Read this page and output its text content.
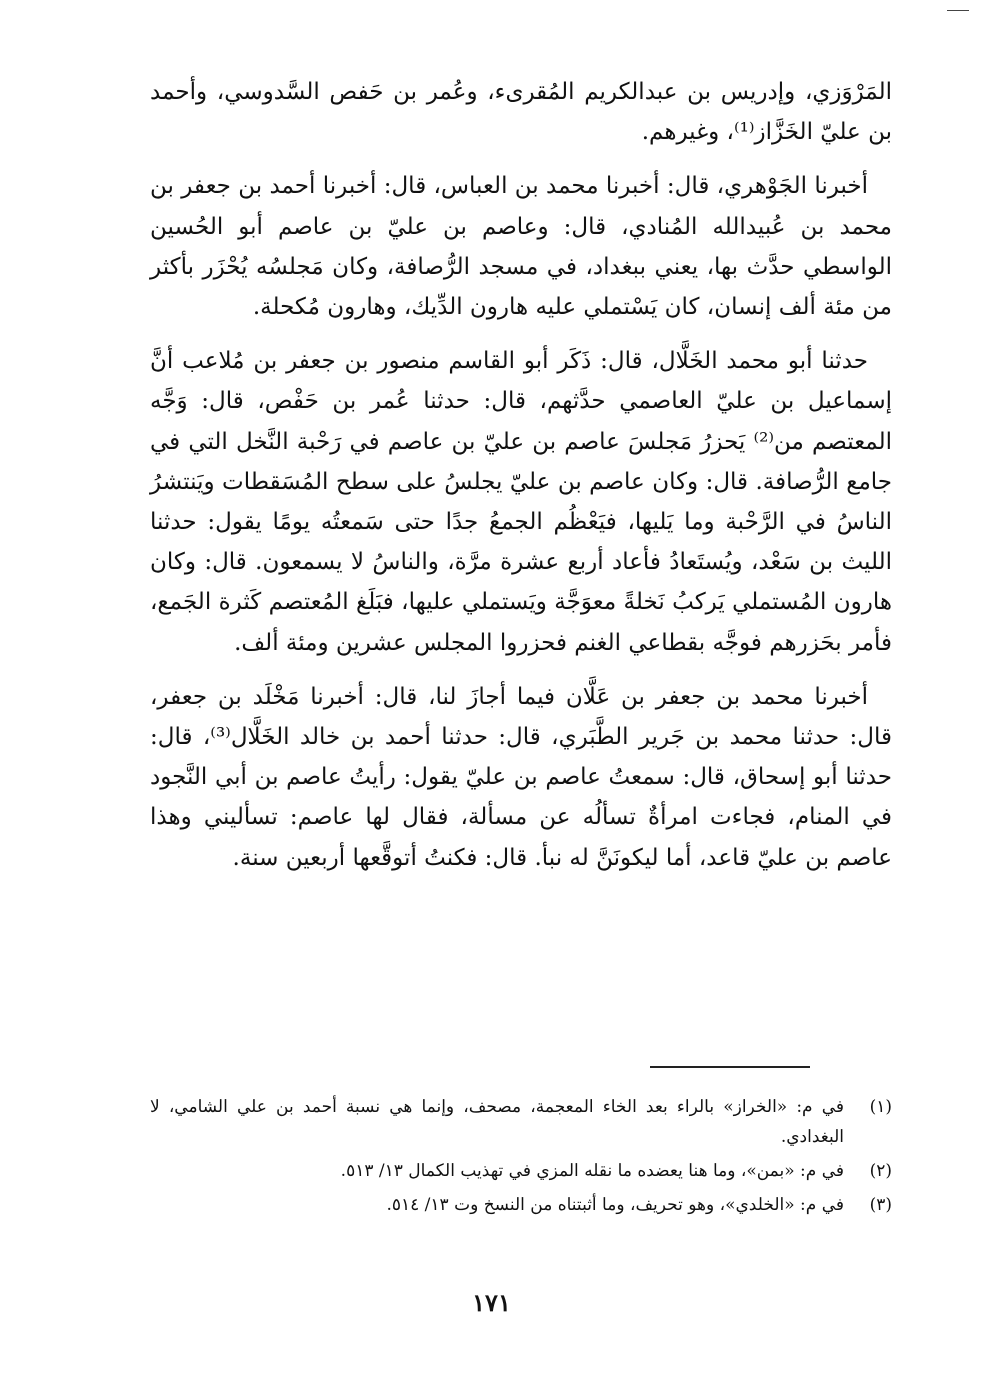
المَرْوَزي، وإدريس بن عبدالكريم المُقرىء، وعُمر بن حَفص السَّدوسي، وأحمد بن عليّ الخَزَّاز⁽¹⁾، وغيرهم.

أخبرنا الجَوْهري، قال: أخبرنا محمد بن العباس، قال: أخبرنا أحمد بن جعفر بن محمد بن عُبيدالله المُنادي، قال: وعاصم بن عليّ بن عاصم أبو الحُسين الواسطي حدَّث بها، يعني ببغداد، في مسجد الرُّصافة، وكان مَجلسُه يُحْزَر بأكثر من مئة ألف إنسان، كان يَسْتملي عليه هارون الدِّيك، وهارون مُكحلة.

حدثنا أبو محمد الخَلَّال، قال: ذَكَر أبو القاسم منصور بن جعفر بن مُلاعب أنَّ إسماعيل بن عليّ العاصمي حدَّثهم، قال: حدثنا عُمر بن حَفْص، قال: وَجَّه المعتصم من⁽²⁾ يَحزرُ مَجلسَ عاصم بن عليّ بن عاصم في رَحْبة النَّخل التي في جامع الرُّصافة. قال: وكان عاصم بن عليّ يجلسُ على سطح المُسَقطات ويَنتشرُ الناسُ في الرَّحْبة وما يَليها، فيَعْظُم الجمعُ جدًا حتى سَمعتُه يومًا يقول: حدثنا الليث بن سَعْد، ويُستَعادُ فأعاد أربع عشرة مرَّة، والناسُ لا يسمعون. قال: وكان هارون المُستملي يَركبُ نَخلةً معوَجَّة ويَستملي عليها، فبَلَغ المُعتصم كَثرة الجَمع، فأمر بحَزرهم فوجَّه بقطاعي الغنم فحزروا المجلس عشرين ومئة ألف.

أخبرنا محمد بن جعفر بن عَلَّان فيما أجازَ لنا، قال: أخبرنا مَخْلَد بن جعفر، قال: حدثنا محمد بن جَرير الطَّبَري، قال: حدثنا أحمد بن خالد الخَلَّال⁽³⁾، قال: حدثنا أبو إسحاق، قال: سمعتُ عاصم بن عليّ يقول: رأيتُ عاصم بن أبي النَّجود في المنام، فجاءت امرأةٌ تسألُه عن مسألة، فقال لها عاصم: تسأليني وهذا عاصم بن عليّ قاعد، أما ليكونَنَّ له نبأ. قال: فكنتُ أتوقَّعها أربعين سنة.

(١)
في م: «الخراز» بالراء بعد الخاء المعجمة، مصحف، وإنما هي نسبة أحمد بن علي الشامي، لا البغدادي.
(٢)
في م: «بمن»، وما هنا يعضده ما نقله المزي في تهذيب الكمال ١٣/ ٥١٣.
(٣)
في م: «الخلدي»، وهو تحريف، وما أثبتناه من النسخ وت ١٣/ ٥١٤.
١٧١
